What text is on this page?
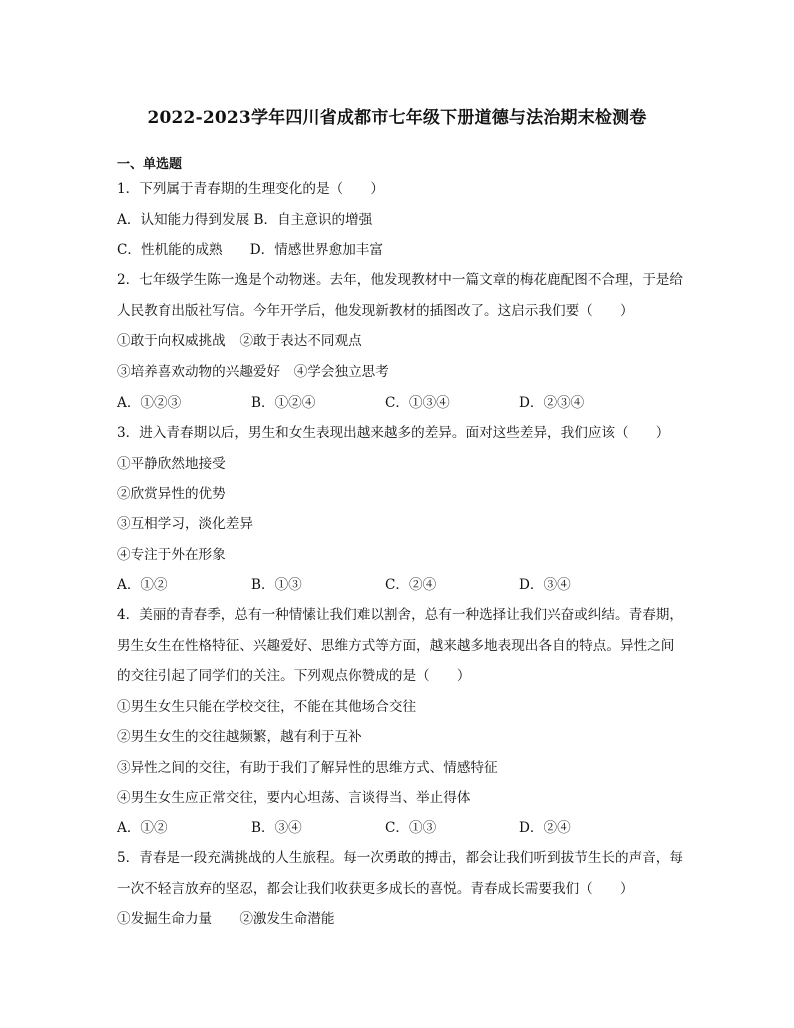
2022-2023学年四川省成都市七年级下册道德与法治期末检测卷
一、单选题
1．下列属于青春期的生理变化的是（　　）
A．认知能力得到发展 B．自主意识的增强
C．性机能的成熟　　D．情感世界愈加丰富
2．七年级学生陈一逸是个动物迷。去年，他发现教材中一篇文章的梅花鹿配图不合理，于是给
人民教育出版社写信。今年开学后，他发现新教材的插图改了。这启示我们要（　　）
①敢于向权威挑战　②敢于表达不同观点
③培养喜欢动物的兴趣爱好　④学会独立思考
A．①②③	B．①②④	C．①③④	D．②③④
3．进入青春期以后，男生和女生表现出越来越多的差异。面对这些差异，我们应该（　　）
①平静欣然地接受
②欣赏异性的优势
③互相学习，淡化差异
④专注于外在形象
A．①②	B．①③	C．②④	D．③④
4．美丽的青春季，总有一种情愫让我们难以割舍，总有一种选择让我们兴奋或纠结。青春期，
男生女生在性格特征、兴趣爱好、思维方式等方面，越来越多地表现出各自的特点。异性之间
的交往引起了同学们的关注。下列观点你赞成的是（　　）
①男生女生只能在学校交往，不能在其他场合交往
②男生女生的交往越频繁，越有利于互补
③异性之间的交往，有助于我们了解异性的思维方式、情感特征
④男生女生应正常交往，要内心坦荡、言谈得当、举止得体
A．①②	B．③④	C．①③	D．②④
5．青春是一段充满挑战的人生旅程。每一次勇敢的搏击，都会让我们听到拔节生长的声音，每
一次不轻言放弃的坚忍，都会让我们收获更多成长的喜悦。青春成长需要我们（　　）
①发掘生命力量　　②激发生命潜能
